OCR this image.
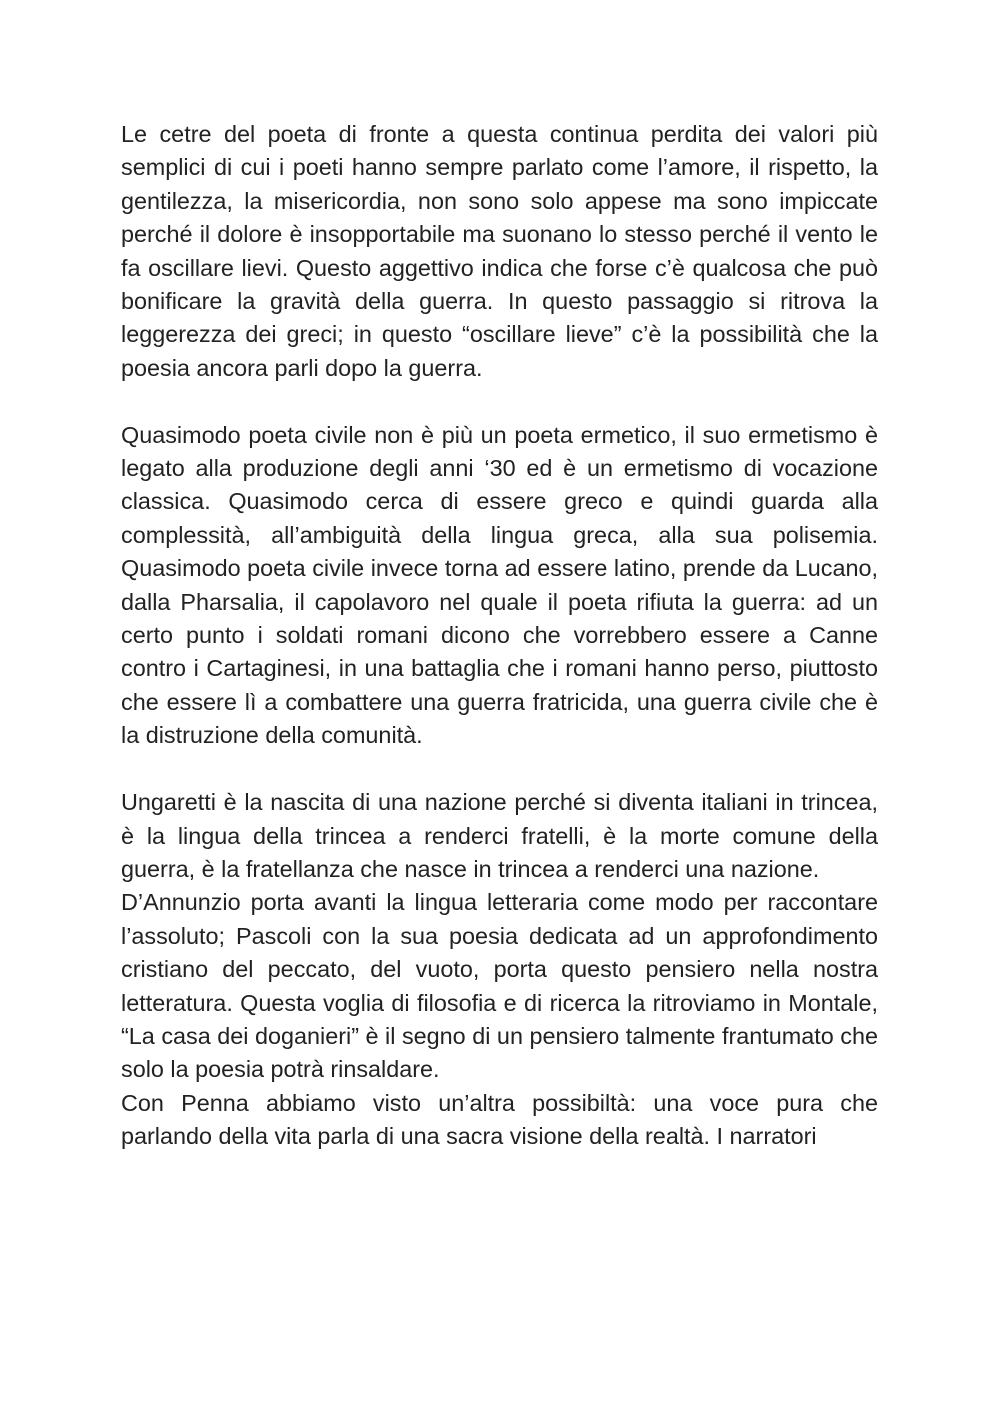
Le cetre del poeta di fronte a questa continua perdita dei valori più semplici di cui i poeti hanno sempre parlato come l’amore, il rispetto, la gentilezza, la misericordia, non sono solo appese ma sono impiccate perché il dolore è insopportabile ma suonano lo stesso perché il vento le fa oscillare lievi. Questo aggettivo indica che forse c’è qualcosa che può bonificare la gravità della guerra. In questo passaggio si ritrova la leggerezza dei greci; in questo “oscillare lieve” c’è la possibilità che la poesia ancora parli dopo la guerra.

Quasimodo poeta civile non è più un poeta ermetico, il suo ermetismo è legato alla produzione degli anni ‘30 ed è un ermetismo di vocazione classica. Quasimodo cerca di essere greco e quindi guarda alla complessità, all’ambiguità della lingua greca, alla sua polisemia. Quasimodo poeta civile invece torna ad essere latino, prende da Lucano, dalla Pharsalia, il capolavoro nel quale il poeta rifiuta la guerra: ad un certo punto i soldati romani dicono che vorrebbero essere a Canne contro i Cartaginesi, in una battaglia che i romani hanno perso, piuttosto che essere lì a combattere una guerra fratricida, una guerra civile che è la distruzione della comunità.

Ungaretti è la nascita di una nazione perché si diventa italiani in trincea, è la lingua della trincea a renderci fratelli, è la morte comune della guerra, è la fratellanza che nasce in trincea a renderci una nazione.

D’Annunzio porta avanti la lingua letteraria come modo per raccontare l’assoluto; Pascoli con la sua poesia dedicata ad un approfondimento cristiano del peccato, del vuoto, porta questo pensiero nella nostra letteratura. Questa voglia di filosofia e di ricerca la ritroviamo in Montale, “La casa dei doganieri” è il segno di un pensiero talmente frantumato che solo la poesia potrà rinsaldare.

Con Penna abbiamo visto un’altra possibiltà: una voce pura che parlando della vita parla di una sacra visione della realtà. I narratori
